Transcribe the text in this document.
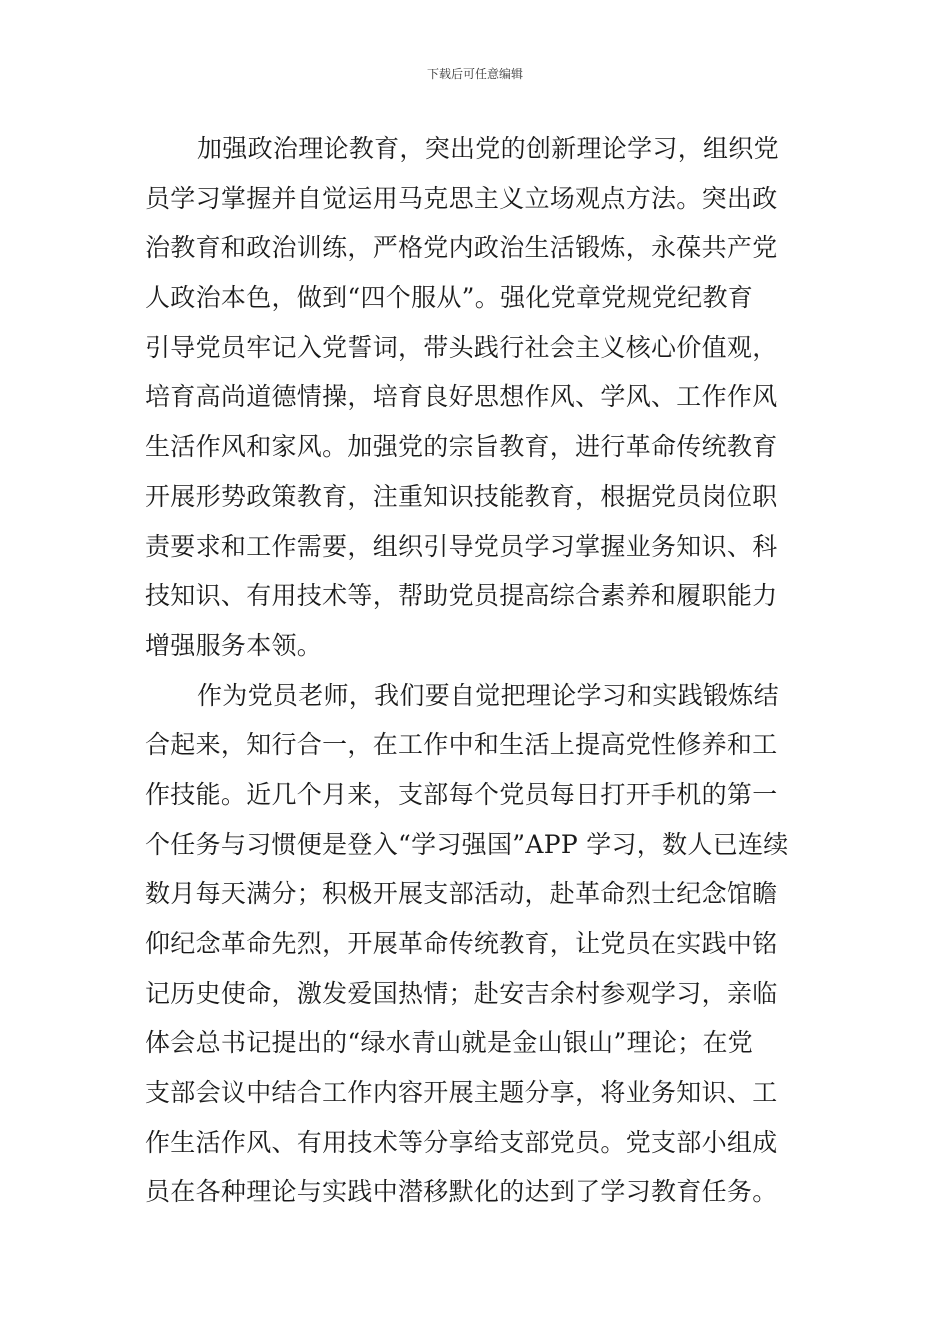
下载后可任意编辑
加强政治理论教育，突出党的创新理论学习，组织党
员学习掌握并自觉运用马克思主义立场观点方法。突出政
治教育和政治训练，严格党内政治生活锻炼，永葆共产党
人政治本色，做到“四个服从”。强化党章党规党纪教育
引导党员牢记入党誓词，带头践行社会主义核心价值观，
培育高尚道德情操，培育良好思想作风、学风、工作作风
生活作风和家风。加强党的宗旨教育，进行革命传统教育
开展形势政策教育，注重知识技能教育，根据党员岗位职
责要求和工作需要，组织引导党员学习掌握业务知识、科
技知识、有用技术等，帮助党员提高综合素养和履职能力
增强服务本领。
作为党员老师，我们要自觉把理论学习和实践锻炼结
合起来，知行合一，在工作中和生活上提高党性修养和工
作技能。近几个月来，支部每个党员每日打开手机的第一
个任务与习惯便是登入“学习强国”APP 学习，数人已连续
数月每天满分；积极开展支部活动，赴革命烈士纪念馆瞻
仰纪念革命先烈，开展革命传统教育，让党员在实践中铭
记历史使命，激发爱国热情；赴安吉余村参观学习，亲临
体会总书记提出的“绿水青山就是金山银山”理论；在党
支部会议中结合工作内容开展主题分享，将业务知识、工
作生活作风、有用技术等分享给支部党员。党支部小组成
员在各种理论与实践中潜移默化的达到了学习教育任务。
